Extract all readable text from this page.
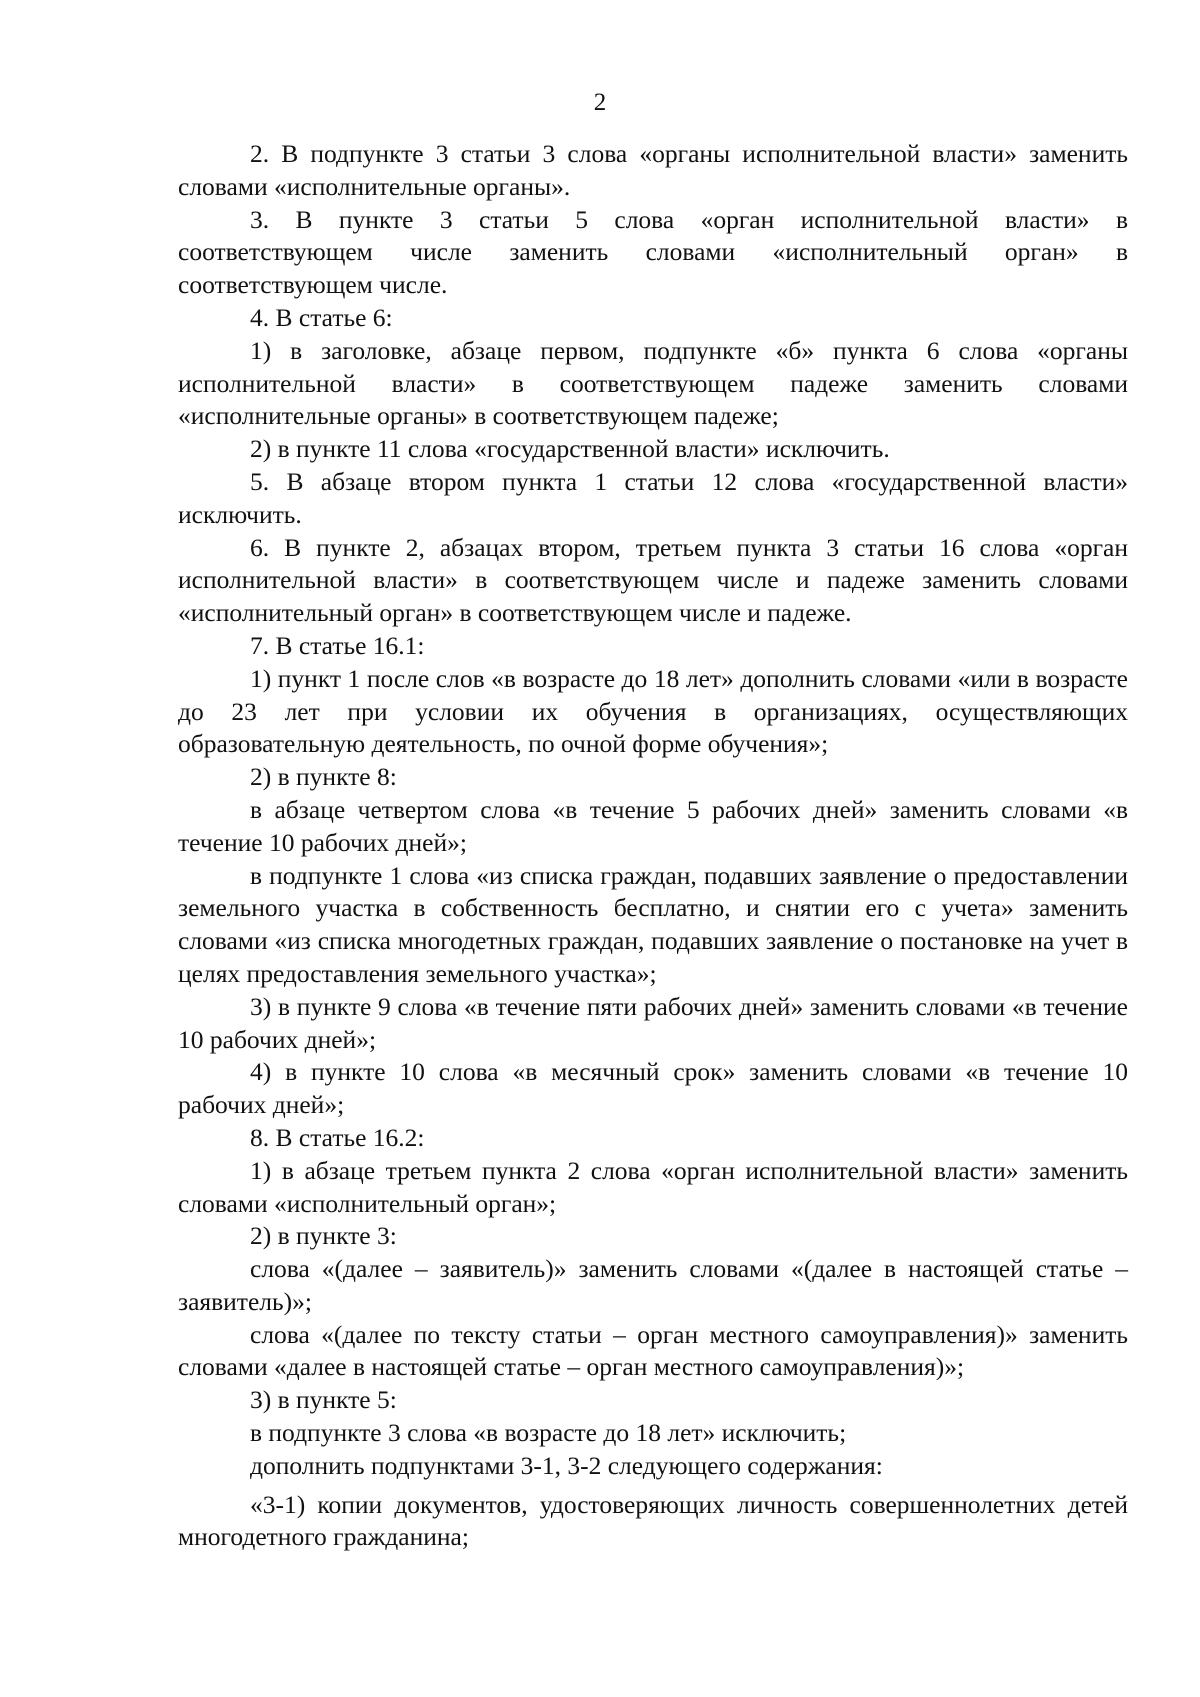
2

2. В подпункте 3 статьи 3 слова «органы исполнительной власти» заменить словами «исполнительные органы».

3. В пункте 3 статьи 5 слова «орган исполнительной власти» в соответствующем числе заменить словами «исполнительный орган» в соответствующем числе.

4. В статье 6:

1) в заголовке, абзаце первом, подпункте «б» пункта 6 слова «органы исполнительной власти» в соответствующем падеже заменить словами «исполнительные органы» в соответствующем падеже;

2) в пункте 11 слова «государственной власти» исключить.

5. В абзаце втором пункта 1 статьи 12 слова «государственной власти» исключить.

6. В пункте 2, абзацах втором, третьем пункта 3 статьи 16 слова «орган исполнительной власти» в соответствующем числе и падеже заменить словами «исполнительный орган» в соответствующем числе и падеже.

7. В статье 16.1:

1) пункт 1 после слов «в возрасте до 18 лет» дополнить словами «или в возрасте до 23 лет при условии их обучения в организациях, осуществляющих образовательную деятельность, по очной форме обучения»;

2) в пункте 8:

в абзаце четвертом слова «в течение 5 рабочих дней» заменить словами «в течение 10 рабочих дней»;

в подпункте 1 слова «из списка граждан, подавших заявление о предоставлении земельного участка в собственность бесплатно, и снятии его с учета» заменить словами «из списка многодетных граждан, подавших заявление о постановке на учет в целях предоставления земельного участка»;

3) в пункте 9 слова «в течение пяти рабочих дней» заменить словами «в течение 10 рабочих дней»;

4) в пункте 10 слова «в месячный срок» заменить словами «в течение 10 рабочих дней»;

8. В статье 16.2:

1) в абзаце третьем пункта 2 слова «орган исполнительной власти» заменить словами «исполнительный орган»;

2) в пункте 3:

слова «(далее – заявитель)» заменить словами «(далее в настоящей статье – заявитель)»;

слова «(далее по тексту статьи – орган местного самоуправления)» заменить словами «далее в настоящей статье – орган местного самоуправления)»;

3) в пункте 5:

в подпункте 3 слова «в возрасте до 18 лет» исключить;

дополнить подпунктами 3-1, 3-2 следующего содержания:

«3-1) копии документов, удостоверяющих личность совершеннолетних детей многодетного гражданина;
